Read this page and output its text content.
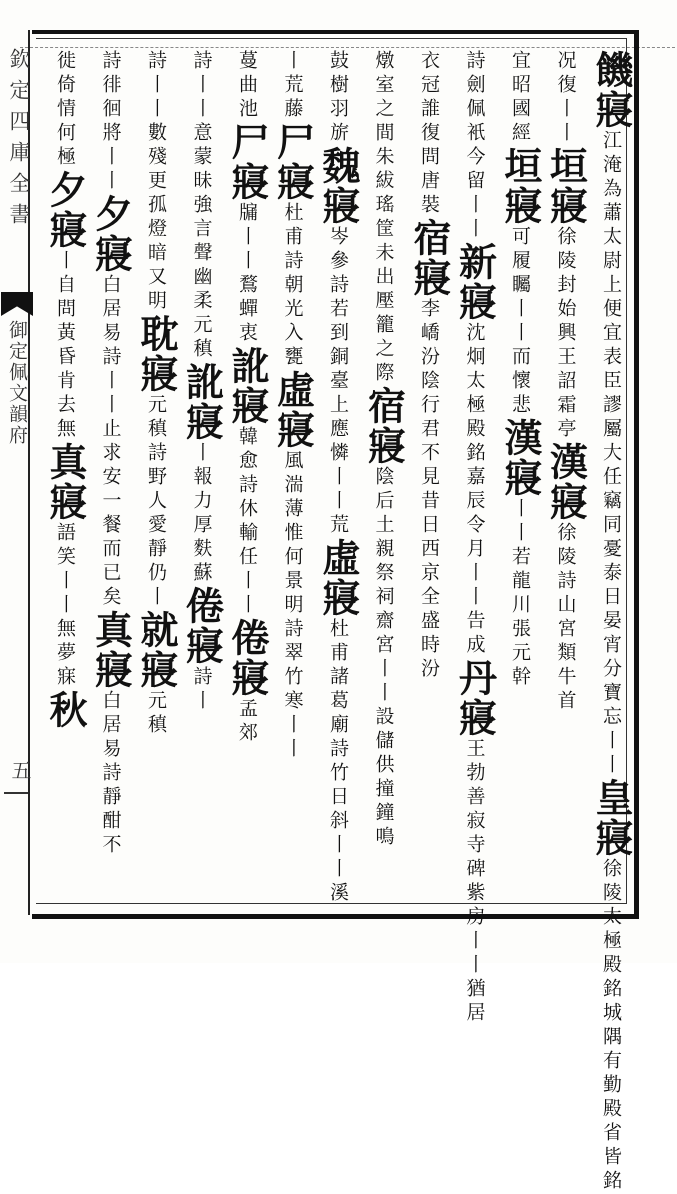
欽定四庫全書
御定佩文韻府
五
饑寢江淹為蕭太尉上便宜表臣謬屬大任竊同憂泰日晏宵分寶忘丨丨皇寢徐陵太極殿銘城隅有勤殿省皆銘
况復丨丨垣寢徐陵封始興王詔霜亭漢寢徐陵詩山宮類牛首
宜昭國經垣寢可履矚丨丨而懷悲漢寢丨丨若龍川張元幹
詩劍佩衹今留丨丨新寢沈炯太極殿銘嘉辰令月丨丨告成丹寢王勃善寂寺碑紫房丨丨猶居
衣冠誰復問唐裝宿寢李嶠汾陰行君不見昔日西京全盛時汾
燉室之間朱紱瑤筐未出壓籠之際宿寢陰后土親祭祠齋宮丨丨設儲供撞鐘鳴
鼓樹羽旂魏寢岑參詩若到銅臺上應憐丨丨荒虛寢杜甫諸葛廟詩竹日斜丨丨溪
丨荒藤尸寢杜甫詩朝光入甕虛寢風湍薄惟何景明詩翠竹寒丨丨
蔓曲池尸寢牖丨丨鶩蟬衷訛寢韓愈詩休輸任丨丨倦寢孟郊
詩丨丨意蒙昧強言聲幽柔元稹訛寢丨報力厚麩蘇倦寢詩丨
詩丨丨數殘更孤燈暗又明耽寢元稹詩野人愛靜仍丨就寢元稹
詩徘徊將丨丨夕寢白居易詩丨丨止求安一餐而已矣真寢白居易詩靜酣不
徙倚情何極夕寢丨自問黃昏肯去無真寢語笑丨丨無夢寐秋
